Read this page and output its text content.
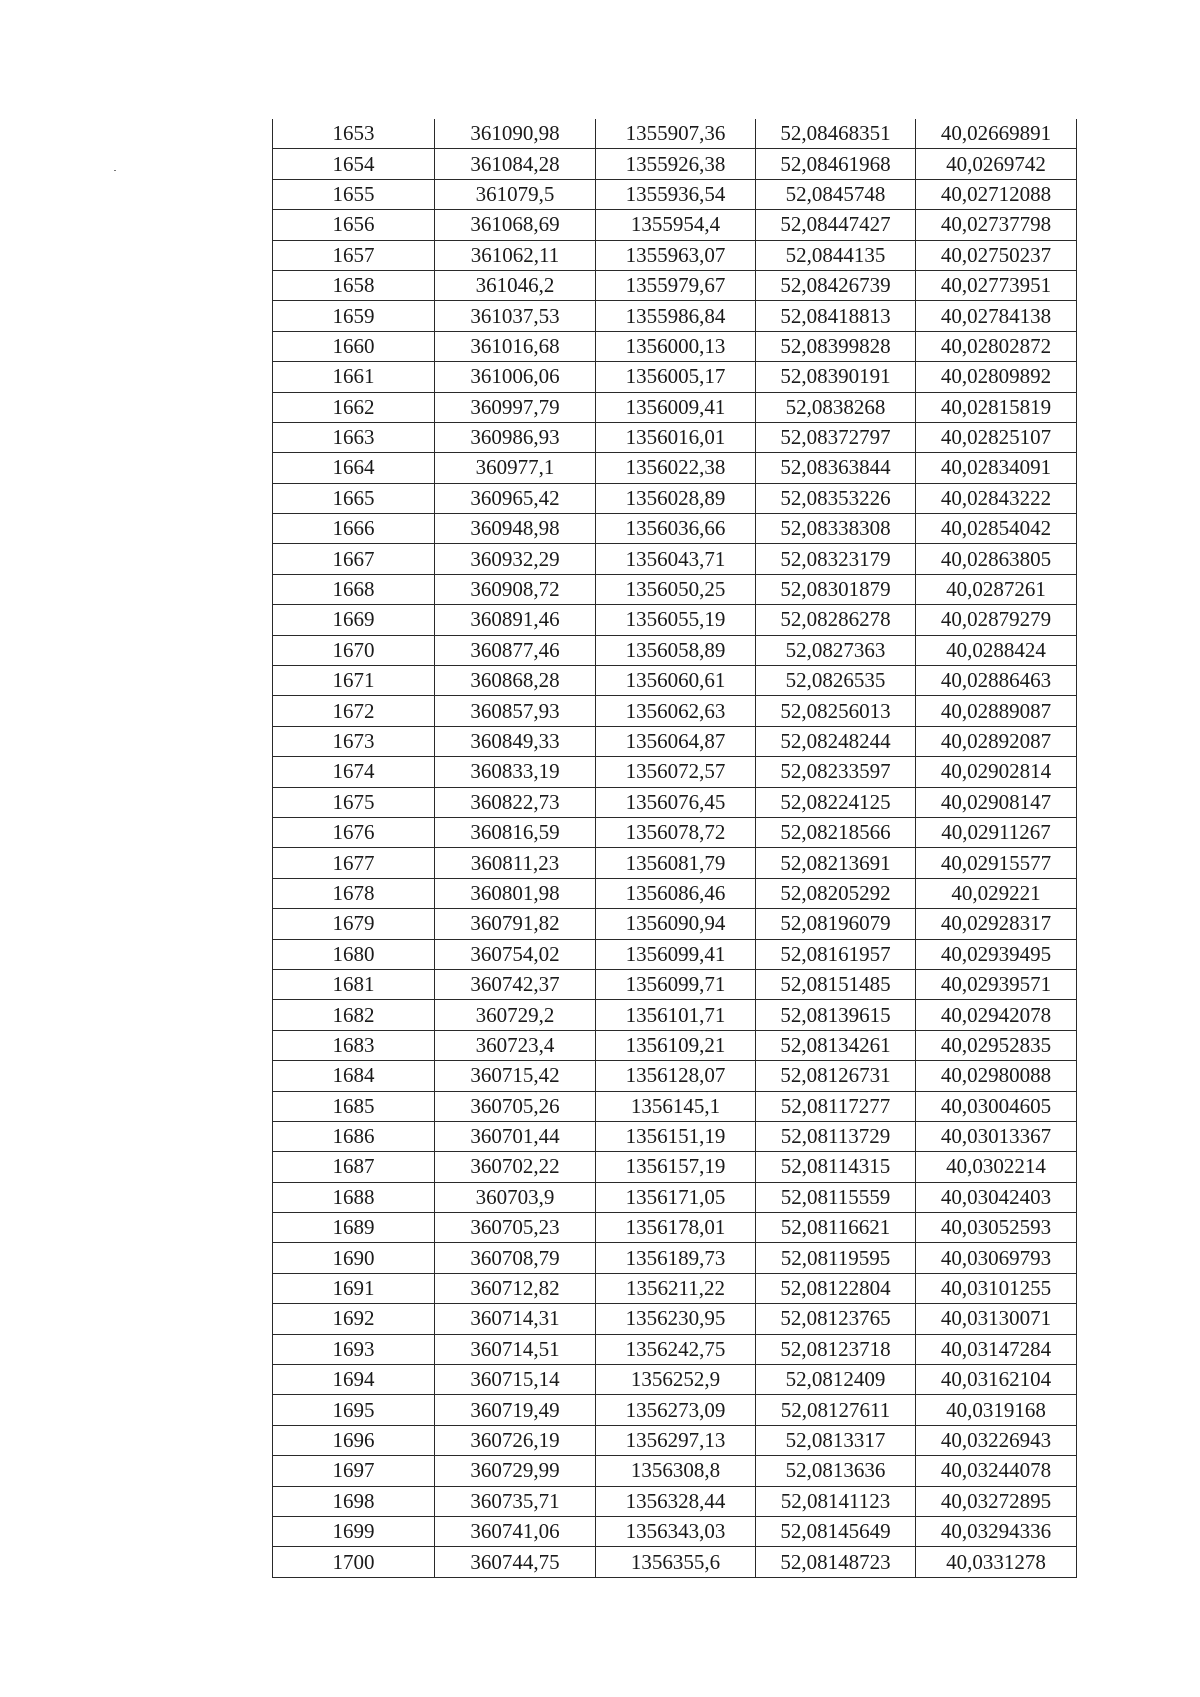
1653	361090,98	1355907,36	52,08468351	40,02669891
1654	361084,28	1355926,38	52,08461968	40,0269742
1655	361079,5	1355936,54	52,0845748	40,02712088
1656	361068,69	1355954,4	52,08447427	40,02737798
1657	361062,11	1355963,07	52,0844135	40,02750237
1658	361046,2	1355979,67	52,08426739	40,02773951
1659	361037,53	1355986,84	52,08418813	40,02784138
1660	361016,68	1356000,13	52,08399828	40,02802872
1661	361006,06	1356005,17	52,08390191	40,02809892
1662	360997,79	1356009,41	52,0838268	40,02815819
1663	360986,93	1356016,01	52,08372797	40,02825107
1664	360977,1	1356022,38	52,08363844	40,02834091
1665	360965,42	1356028,89	52,08353226	40,02843222
1666	360948,98	1356036,66	52,08338308	40,02854042
1667	360932,29	1356043,71	52,08323179	40,02863805
1668	360908,72	1356050,25	52,08301879	40,0287261
1669	360891,46	1356055,19	52,08286278	40,02879279
1670	360877,46	1356058,89	52,0827363	40,0288424
1671	360868,28	1356060,61	52,0826535	40,02886463
1672	360857,93	1356062,63	52,08256013	40,02889087
1673	360849,33	1356064,87	52,08248244	40,02892087
1674	360833,19	1356072,57	52,08233597	40,02902814
1675	360822,73	1356076,45	52,08224125	40,02908147
1676	360816,59	1356078,72	52,08218566	40,02911267
1677	360811,23	1356081,79	52,08213691	40,02915577
1678	360801,98	1356086,46	52,08205292	40,029221
1679	360791,82	1356090,94	52,08196079	40,02928317
1680	360754,02	1356099,41	52,08161957	40,02939495
1681	360742,37	1356099,71	52,08151485	40,02939571
1682	360729,2	1356101,71	52,08139615	40,02942078
1683	360723,4	1356109,21	52,08134261	40,02952835
1684	360715,42	1356128,07	52,08126731	40,02980088
1685	360705,26	1356145,1	52,08117277	40,03004605
1686	360701,44	1356151,19	52,08113729	40,03013367
1687	360702,22	1356157,19	52,08114315	40,0302214
1688	360703,9	1356171,05	52,08115559	40,03042403
1689	360705,23	1356178,01	52,08116621	40,03052593
1690	360708,79	1356189,73	52,08119595	40,03069793
1691	360712,82	1356211,22	52,08122804	40,03101255
1692	360714,31	1356230,95	52,08123765	40,03130071
1693	360714,51	1356242,75	52,08123718	40,03147284
1694	360715,14	1356252,9	52,0812409	40,03162104
1695	360719,49	1356273,09	52,08127611	40,0319168
1696	360726,19	1356297,13	52,0813317	40,03226943
1697	360729,99	1356308,8	52,0813636	40,03244078
1698	360735,71	1356328,44	52,08141123	40,03272895
1699	360741,06	1356343,03	52,08145649	40,03294336
1700	360744,75	1356355,6	52,08148723	40,0331278
